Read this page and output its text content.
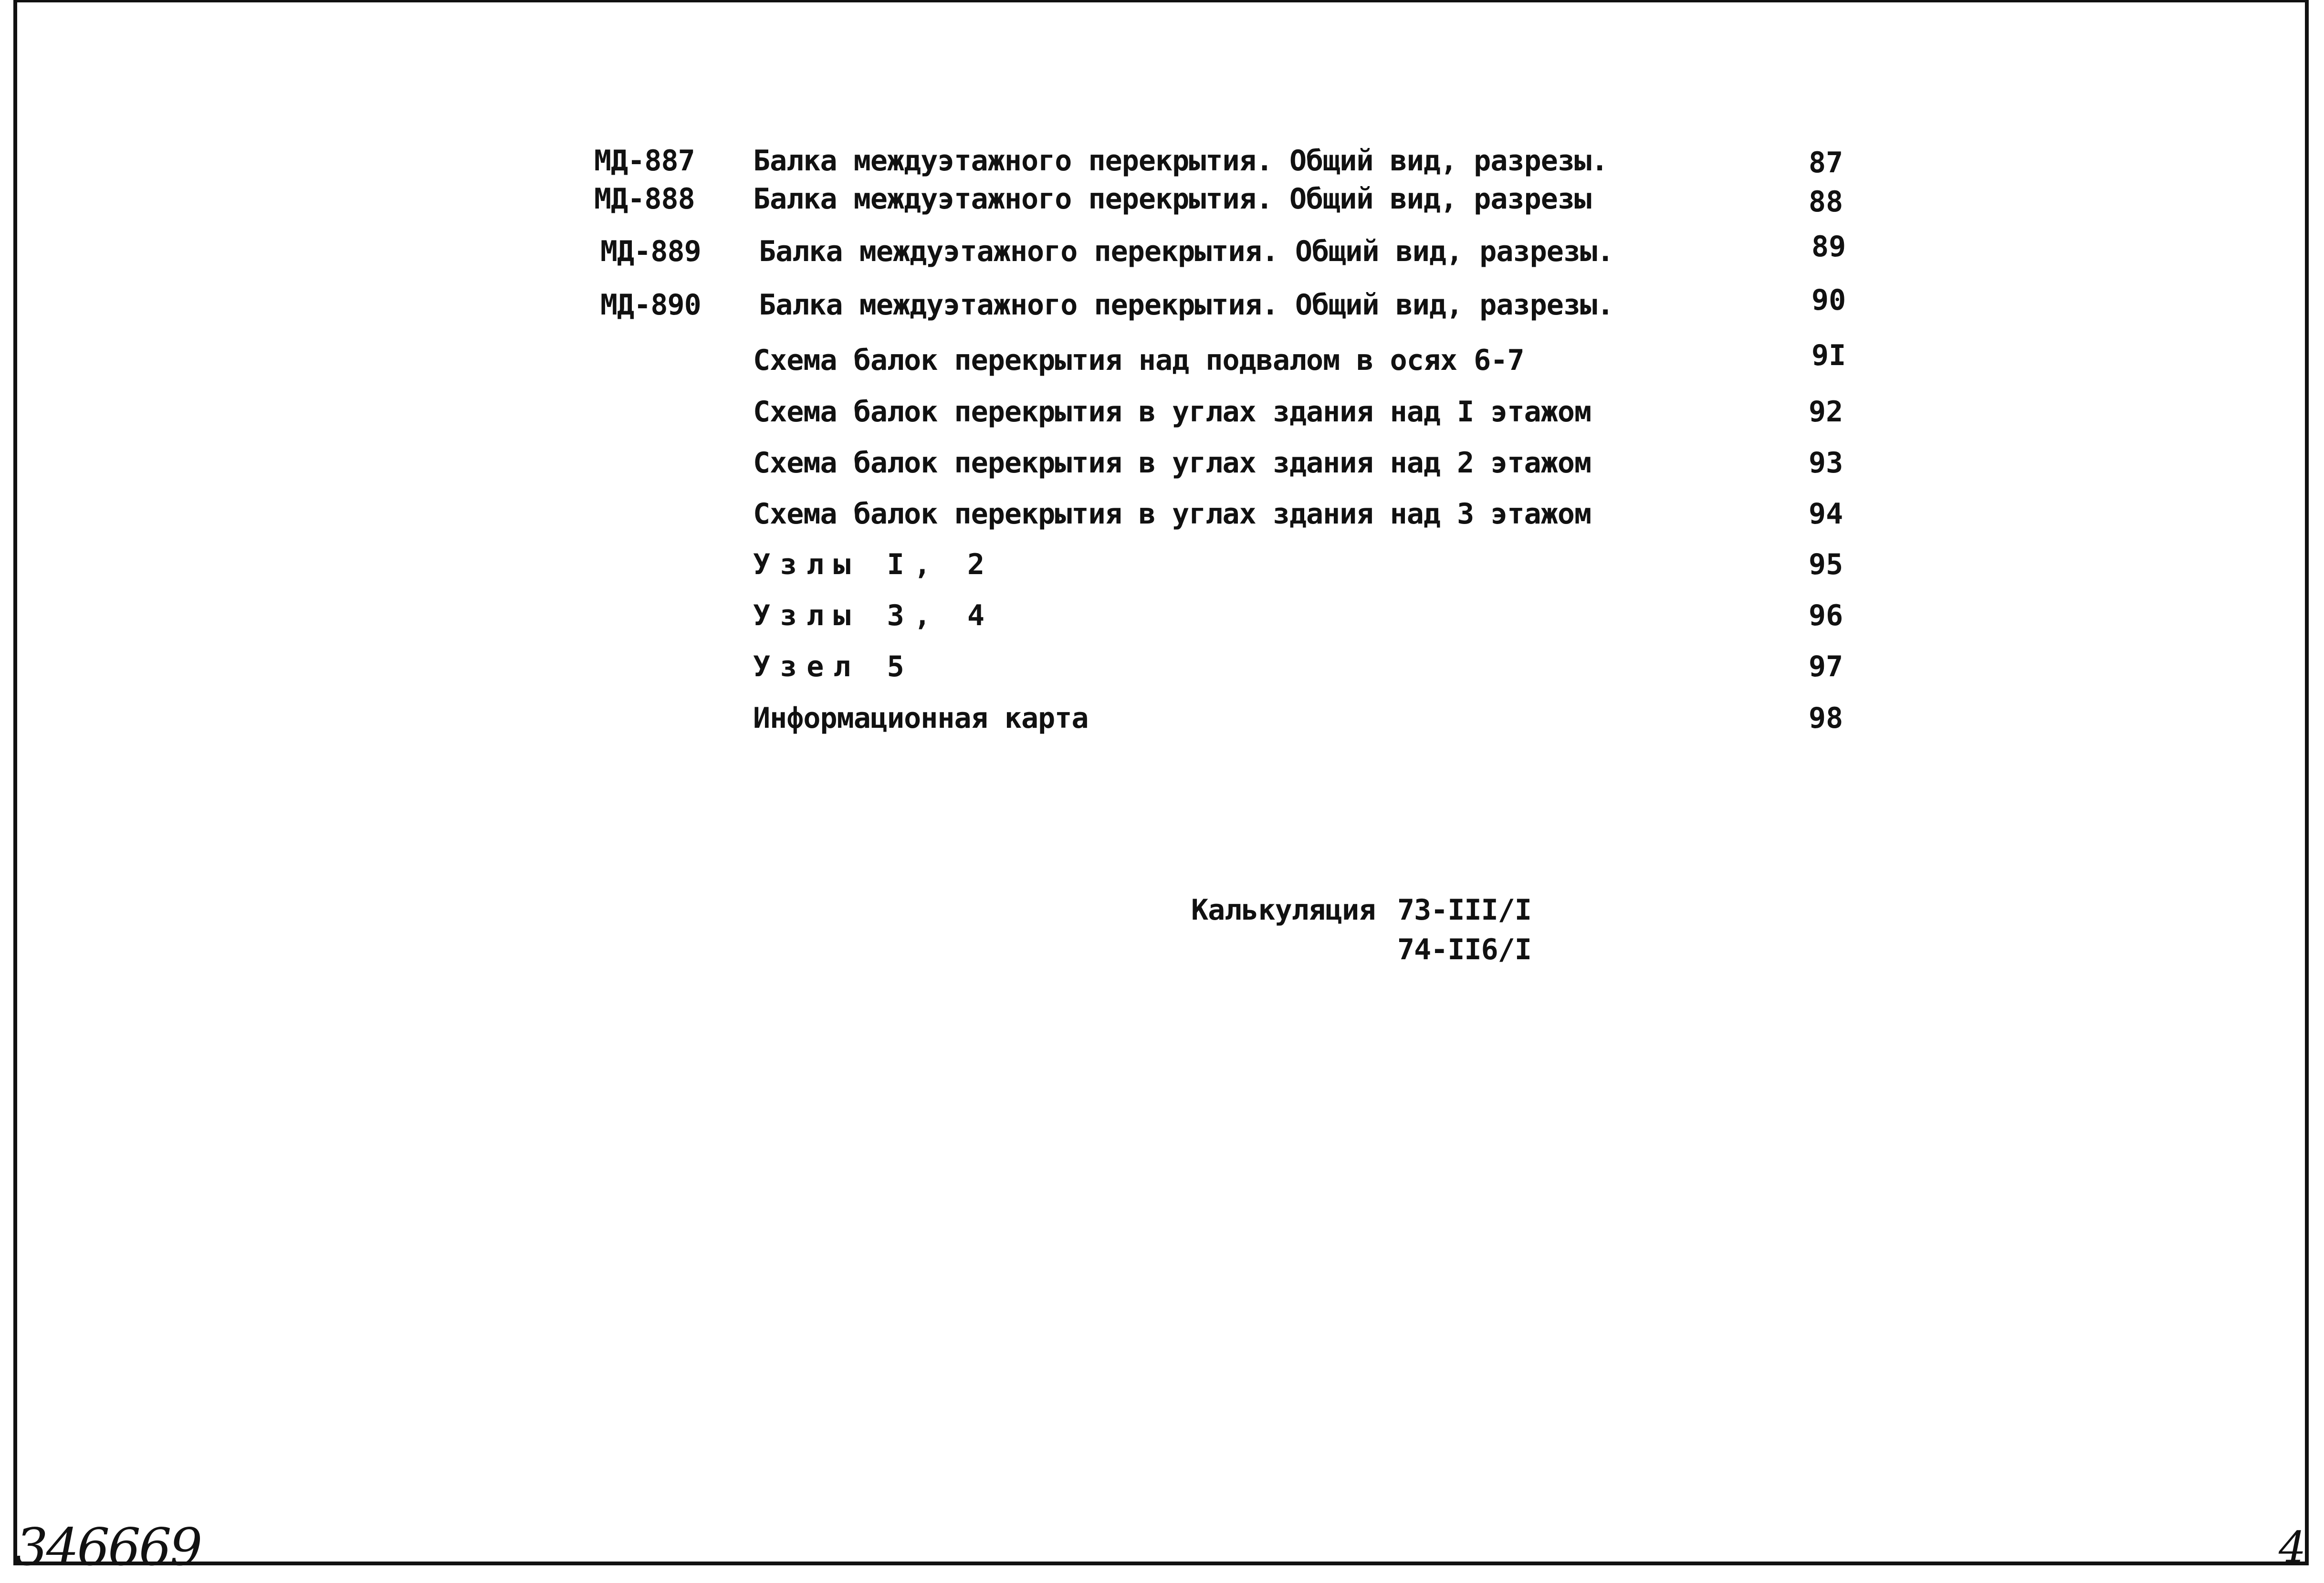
МД-887 Балка междуэтажного перекрытия. Общий вид, разрезы.	87
МД-888 Балка междуэтажного перекрытия. Общий вид, разрезы	88
МД-889 Балка междуэтажного перекрытия. Общий вид, разрезы.	89
МД-890 Балка междуэтажного перекрытия. Общий вид, разрезы.	90
Схема балок перекрытия над подвалом в осях 6-7	9I
Схема балок перекрытия в углах здания над I этажом	92
Схема балок перекрытия в углах здания над 2 этажом	93
Схема балок перекрытия в углах здания над 3 этажом	94
Узлы I, 2	95
Узлы 3, 4	96
Узел 5	97
Информационная карта	98
Калькуляция 73-III/I
74-II6/I
346669	4
